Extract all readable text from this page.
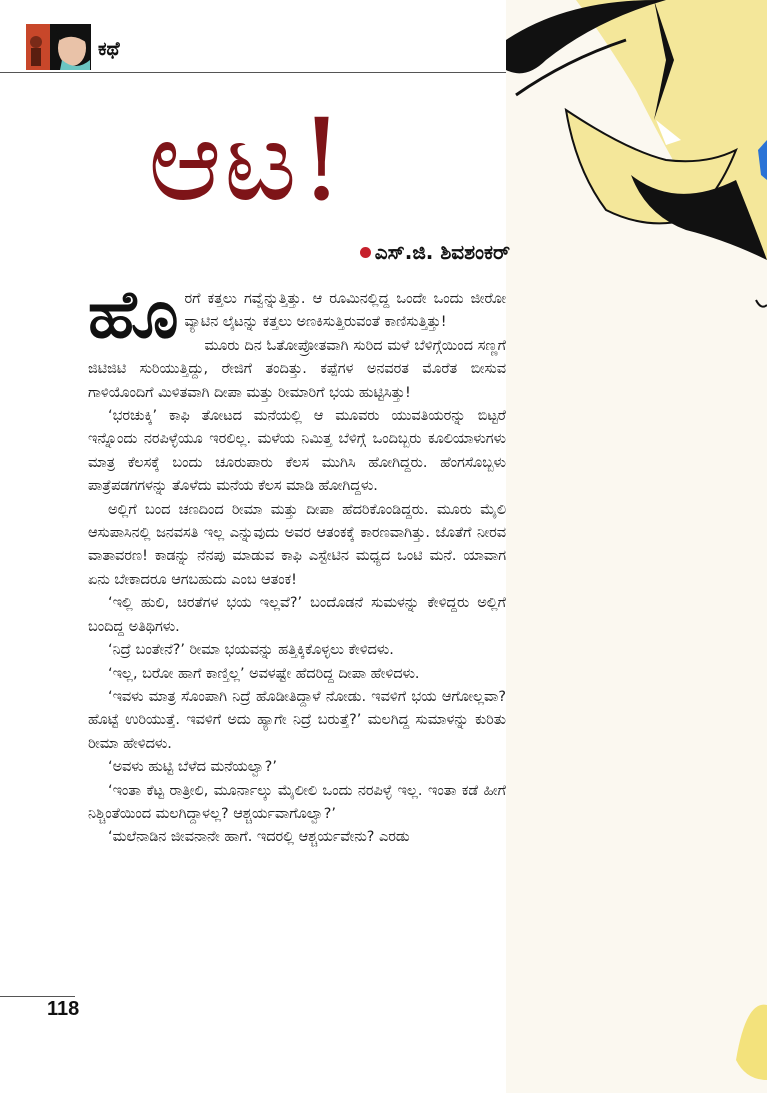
ಕಥೆ
ಆಟ!
ಎಸ್.ಜಿ. ಶಿವಶಂಕರ್

ಹೊರಗೆ ಕತ್ತಲು ಗವ್ವೆನ್ನುತ್ತಿತ್ತು. ಆ ರೂಮಿನಲ್ಲಿದ್ದ ಒಂದೇ ಒಂದು ಜೀರೋ ವ್ಯಾಟಿನ ಲೈಟನ್ನು ಕತ್ತಲು ಅಣಕಿಸುತ್ತಿರುವಂತೆ ಕಾಣಿಸುತ್ತಿತ್ತು!

ಮೂರು ದಿನ ಓತೋಪ್ರೋತವಾಗಿ ಸುರಿದ ಮಳೆ ಬೆಳಿಗ್ಗೆಯಿಂದ ಸಣ್ಣಗೆ ಜಿಟಿಜಿಟಿ ಸುರಿಯುತ್ತಿದ್ದು, ರೇಜಿಗೆ ತಂದಿತ್ತು. ಕಪ್ಪೆಗಳ ಅನವರತ ಮೊರೆತ ಬೀಸುವ ಗಾಳಿಯೊಂದಿಗೆ ಮಿಳಿತವಾಗಿ ದೀಪಾ ಮತ್ತು ರೀಮಾರಿಗೆ ಭಯ ಹುಟ್ಟಿಸಿತ್ತು!

‘ಭರಚುಕ್ಕಿ’ ಕಾಫಿ ತೋಟದ ಮನೆಯಲ್ಲಿ ಆ ಮೂವರು ಯುವತಿಯರನ್ನು ಬಿಟ್ಟರೆ ಇನ್ನೊಂದು ನರಪಿಳ್ಳೆಯೂ ಇರಲಿಲ್ಲ. ಮಳೆಯ ನಿಮಿತ್ತ ಬೆಳಿಗ್ಗೆ ಒಂದಿಬ್ಬರು ಕೂಲಿಯಾಳುಗಳು ಮಾತ್ರ ಕೆಲಸಕ್ಕೆ ಬಂದು ಚೂರುಪಾರು ಕೆಲಸ ಮುಗಿಸಿ ಹೋಗಿದ್ದರು. ಹೆಂಗಸೊಬ್ಬಳು ಪಾತ್ರೆಪಡಗಗಳನ್ನು ತೊಳೆದು ಮನೆಯ ಕೆಲಸ ಮಾಡಿ ಹೋಗಿದ್ದಳು.

ಅಲ್ಲಿಗೆ ಬಂದ ಚಣದಿಂದ ರೀಮಾ ಮತ್ತು ದೀಪಾ ಹೆದರಿಕೊಂಡಿದ್ದರು. ಮೂರು ಮೈಲಿ ಆಸುಪಾಸಿನಲ್ಲಿ ಜನವಸತಿ ಇಲ್ಲ ಎನ್ನುವುದು ಅವರ ಆತಂಕಕ್ಕೆ ಕಾರಣವಾಗಿತ್ತು. ಜೊತೆಗೆ ನೀರವ ವಾತಾವರಣ! ಕಾಡನ್ನು ನೆನಪು ಮಾಡುವ ಕಾಫಿ ಎಸ್ಟೇಟಿನ ಮಧ್ಯದ ಒಂಟಿ ಮನೆ. ಯಾವಾಗ ಏನು ಬೇಕಾದರೂ ಆಗಬಹುದು ಎಂಬ ಆತಂಕ!

‘ಇಲ್ಲಿ ಹುಲಿ, ಚಿರತೆಗಳ ಭಯ ಇಲ್ಲವೆ?’ ಬಂದೊಡನೆ ಸುಮಳನ್ನು ಕೇಳಿದ್ದರು ಅಲ್ಲಿಗೆ ಬಂದಿದ್ದ ಅತಿಥಿಗಳು.

‘ನಿದ್ರೆ ಬಂತೇನೆ?’ ರೀಮಾ ಭಯವನ್ನು ಹತ್ತಿಕ್ಕಿಕೊಳ್ಳಲು ಕೇಳಿದಳು.

‘ಇಲ್ಲ, ಬರೋ ಹಾಗೆ ಕಾಣ್ತಿಲ್ಲ’ ಅವಳಷ್ಟೇ ಹೆದರಿದ್ದ ದೀಪಾ ಹೇಳಿದಳು.

‘ಇವಳು ಮಾತ್ರ ಸೊಂಪಾಗಿ ನಿದ್ರೆ ಹೊಡೀತಿದ್ದಾಳೆ ನೋಡು. ಇವಳಿಗೆ ಭಯ ಆಗೋಲ್ಲವಾ? ಹೊಟ್ಟೆ ಉರಿಯುತ್ತೆ. ಇವಳಿಗೆ ಅದು ಹ್ಯಾಗೇ ನಿದ್ರೆ ಬರುತ್ತೆ?’ ಮಲಗಿದ್ದ ಸುಮಾಳನ್ನು ಕುರಿತು ರೀಮಾ ಹೇಳಿದಳು.

‘ಅವಳು ಹುಟ್ಟಿ ಬೆಳೆದ ಮನೆಯಲ್ವಾ?’

‘ಇಂತಾ ಕೆಟ್ಟ ರಾತ್ರೀಲಿ, ಮೂರ್ನಾಲ್ಕು ಮೈಲೀಲಿ ಒಂದು ನರಪಿಳ್ಳೆ ಇಲ್ಲ. ಇಂತಾ ಕಡೆ ಹೀಗೆ ನಿಶ್ಚಿಂತೆಯಿಂದ ಮಲಗಿದ್ದಾಳಲ್ಲ? ಆಶ್ಚರ್ಯವಾಗೊಲ್ವಾ?’

‘ಮಲೆನಾಡಿನ ಜೀವನಾನೇ ಹಾಗೆ. ಇದರಲ್ಲಿ ಆಶ್ಚರ್ಯವೇನು? ಎರಡು

118
